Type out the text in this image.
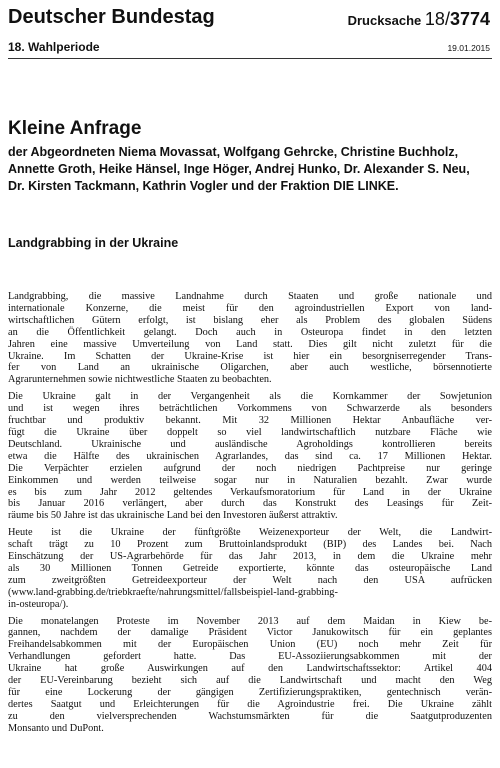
Deutscher Bundestag	Drucksache 18/3774
18. Wahlperiode	19.01.2015
Kleine Anfrage
der Abgeordneten Niema Movassat, Wolfgang Gehrcke, Christine Buchholz,
Annette Groth, Heike Hänsel, Inge Höger, Andrej Hunko, Dr. Alexander S. Neu,
Dr. Kirsten Tackmann, Kathrin Vogler und der Fraktion DIE LINKE.
Landgrabbing in der Ukraine

Landgrabbing, die massive Landnahme durch Staaten und große nationale und
internationale Konzerne, die meist für den agroindustriellen Export von land-
wirtschaftlichen Gütern erfolgt, ist bislang eher als Problem des globalen Südens
an die Öffentlichkeit gelangt. Doch auch in Osteuropa findet in den letzten
Jahren eine massive Umverteilung von Land statt. Dies gilt nicht zuletzt für die
Ukraine. Im Schatten der Ukraine-Krise ist hier ein besorgniserregender Trans-
fer von Land an ukrainische Oligarchen, aber auch westliche, börsennotierte
Agrarunternehmen sowie nichtwestliche Staaten zu beobachten.

Die Ukraine galt in der Vergangenheit als die Kornkammer der Sowjetunion
und ist wegen ihres beträchtlichen Vorkommens von Schwarzerde als besonders
fruchtbar und produktiv bekannt. Mit 32 Millionen Hektar Anbaufläche ver-
fügt die Ukraine über doppelt so viel landwirtschaftlich nutzbare Fläche wie
Deutschland. Ukrainische und ausländische Agroholdings kontrollieren bereits
etwa die Hälfte des ukrainischen Agrarlandes, das sind ca. 17 Millionen Hektar.
Die Verpächter erzielen aufgrund der noch niedrigen Pachtpreise nur geringe
Einkommen und werden teilweise sogar nur in Naturalien bezahlt. Zwar wurde
es bis zum Jahr 2012 geltendes Verkaufsmoratorium für Land in der Ukraine
bis Januar 2016 verlängert, aber durch das Konstrukt des Leasings für Zeit-
räume bis 50 Jahre ist das ukrainische Land bei den Investoren äußerst attraktiv.

Heute ist die Ukraine der fünftgrößte Weizenexporteur der Welt, die Landwirt-
schaft trägt zu 10 Prozent zum Bruttoinlandsprodukt (BIP) des Landes bei. Nach
Einschätzung der US-Agrarbehörde für das Jahr 2013, in dem die Ukraine mehr
als 30 Millionen Tonnen Getreide exportierte, könnte das osteuropäische Land
zum zweitgrößten Getreideexporteur der Welt nach den USA aufrücken
(www.land-grabbing.de/triebkraefte/nahrungsmittel/fallsbeispiel-land-grabbing-
in-osteuropa/).

Die monatelangen Proteste im November 2013 auf dem Maidan in Kiew be-
gannen, nachdem der damalige Präsident Victor Janukowitsch für ein geplantes
Freihandelsabkommen mit der Europäischen Union (EU) noch mehr Zeit für
Verhandlungen gefordert hatte. Das EU-Assoziierungsabkommen mit der
Ukraine hat große Auswirkungen auf den Landwirtschaftssektor: Artikel 404
der EU-Vereinbarung bezieht sich auf die Landwirtschaft und macht den Weg
für eine Lockerung der gängigen Zertifizierungspraktiken, gentechnisch verän-
dertes Saatgut und Erleichterungen für die Agroindustrie frei. Die Ukraine zählt
zu den vielversprechenden Wachstumsmärkten für die Saatgutproduzenten
Monsanto und DuPont.
